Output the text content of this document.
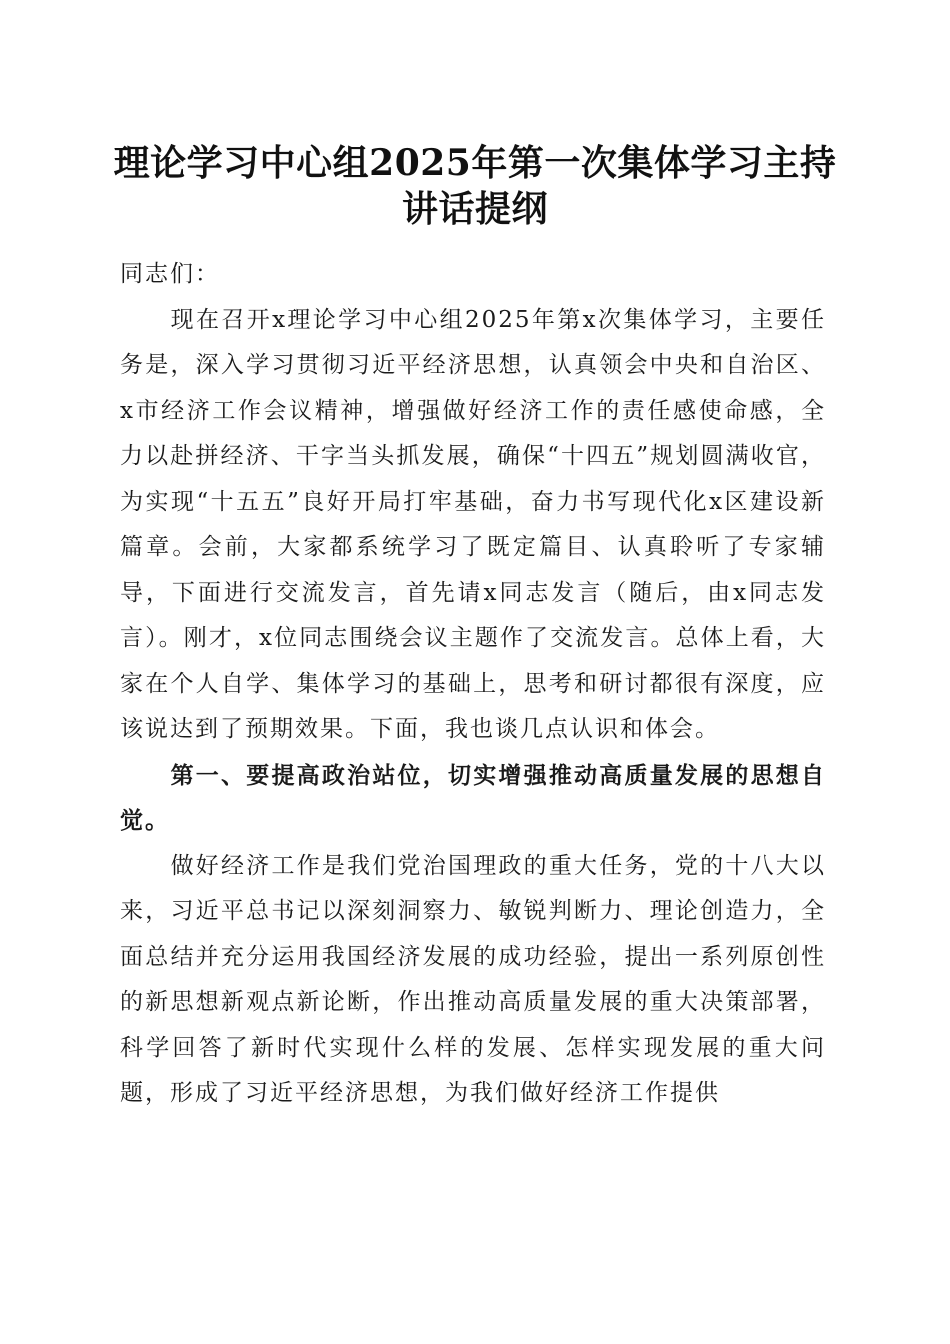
理论学习中心组2025年第一次集体学习主持
讲话提纲

同志们：

现在召开x理论学习中心组2025年第x次集体学习，主要任务是，深入学习贯彻习近平经济思想，认真领会中央和自治区、x市经济工作会议精神，增强做好经济工作的责任感使命感，全力以赴拼经济、干字当头抓发展，确保“十四五”规划圆满收官，为实现“十五五”良好开局打牢基础，奋力书写现代化x区建设新篇章。会前，大家都系统学习了既定篇目、认真聆听了专家辅导，下面进行交流发言，首先请x同志发言（随后，由x同志发言）。刚才，x位同志围绕会议主题作了交流发言。总体上看，大家在个人自学、集体学习的基础上，思考和研讨都很有深度，应该说达到了预期效果。下面，我也谈几点认识和体会。

第一、要提高政治站位，切实增强推动高质量发展的思想自觉。

做好经济工作是我们党治国理政的重大任务，党的十八大以来，习近平总书记以深刻洞察力、敏锐判断力、理论创造力，全面总结并充分运用我国经济发展的成功经验，提出一系列原创性的新思想新观点新论断，作出推动高质量发展的重大决策部署，科学回答了新时代实现什么样的发展、怎样实现发展的重大问题，形成了习近平经济思想，为我们做好经济工作提供
